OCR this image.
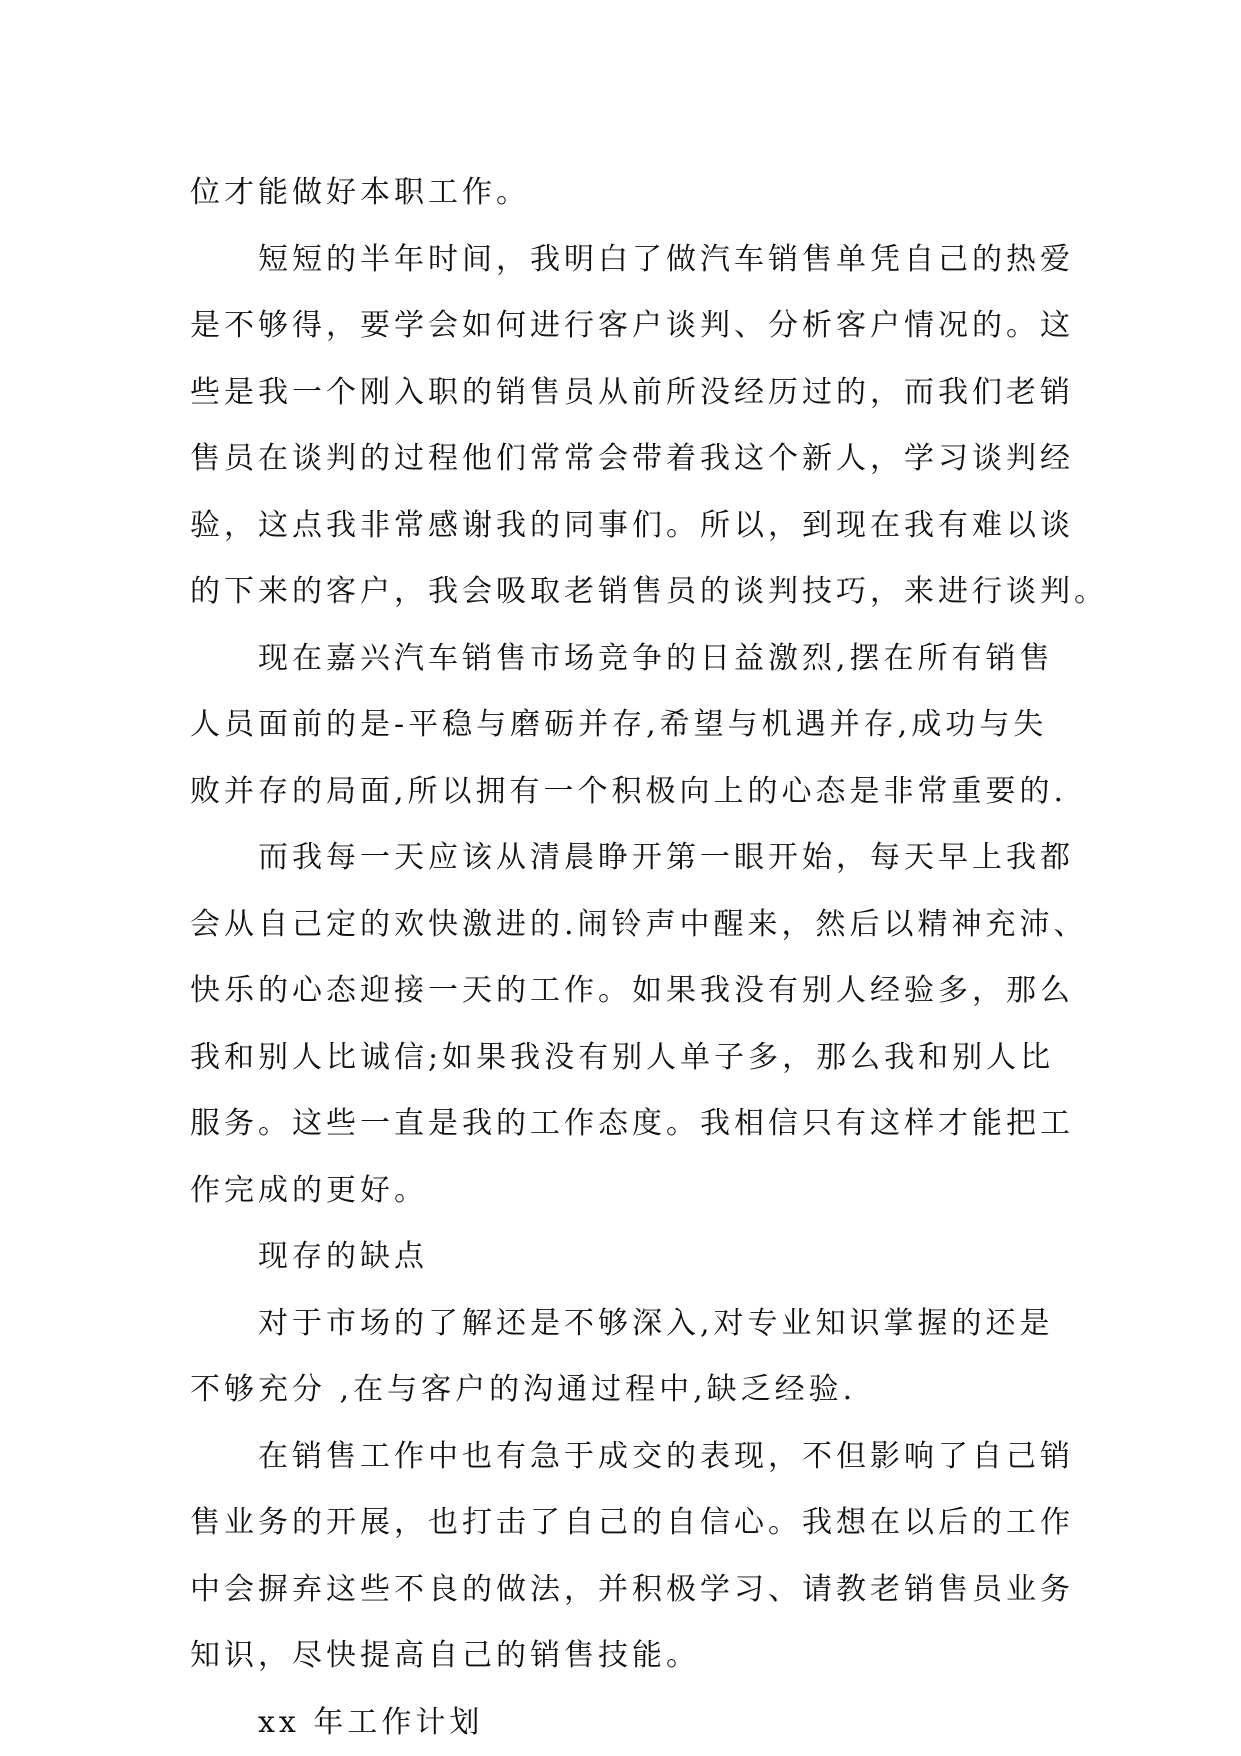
位才能做好本职工作。
短短的半年时间，我明白了做汽车销售单凭自己的热爱
是不够得，要学会如何进行客户谈判、分析客户情况的。这
些是我一个刚入职的销售员从前所没经历过的，而我们老销
售员在谈判的过程他们常常会带着我这个新人，学习谈判经
验，这点我非常感谢我的同事们。所以，到现在我有难以谈
的下来的客户，我会吸取老销售员的谈判技巧，来进行谈判。
现在嘉兴汽车销售市场竞争的日益激烈,摆在所有销售
人员面前的是-平稳与磨砺并存,希望与机遇并存,成功与失
败并存的局面,所以拥有一个积极向上的心态是非常重要的.
而我每一天应该从清晨睁开第一眼开始，每天早上我都
会从自己定的欢快激进的.闹铃声中醒来，然后以精神充沛、
快乐的心态迎接一天的工作。如果我没有别人经验多，那么
我和别人比诚信;如果我没有别人单子多，那么我和别人比
服务。这些一直是我的工作态度。我相信只有这样才能把工
作完成的更好。
现存的缺点
对于市场的了解还是不够深入,对专业知识掌握的还是
不够充分 ,在与客户的沟通过程中,缺乏经验.
在销售工作中也有急于成交的表现，不但影响了自己销
售业务的开展，也打击了自己的自信心。我想在以后的工作
中会摒弃这些不良的做法，并积极学习、请教老销售员业务
知识，尽快提高自己的销售技能。
xx 年工作计划
